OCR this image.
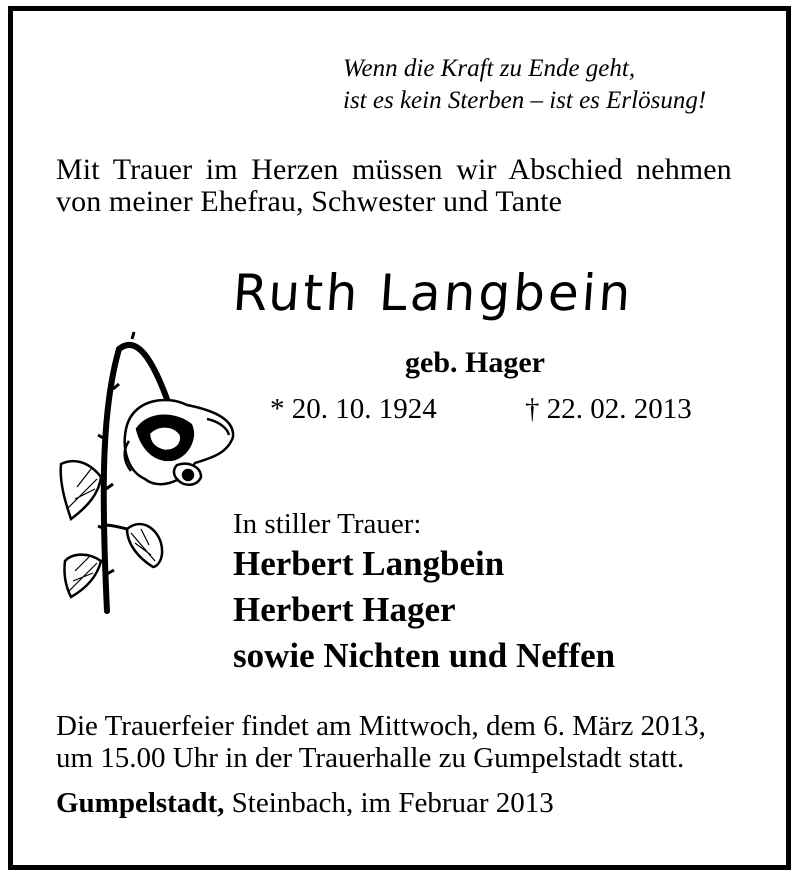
Wenn die Kraft zu Ende geht,
ist es kein Sterben – ist es Erlösung!
Mit Trauer im Herzen müssen wir Abschied nehmen
von meiner Ehefrau, Schwester und Tante
Ruth Langbein
geb. Hager
* 20. 10. 1924	† 22. 02. 2013
In stiller Trauer:
Herbert Langbein
Herbert Hager
sowie Nichten und Neffen
Die Trauerfeier findet am Mittwoch, dem 6. März 2013,
um 15.00 Uhr in der Trauerhalle zu Gumpelstadt statt.
Gumpelstadt, Steinbach, im Februar 2013
